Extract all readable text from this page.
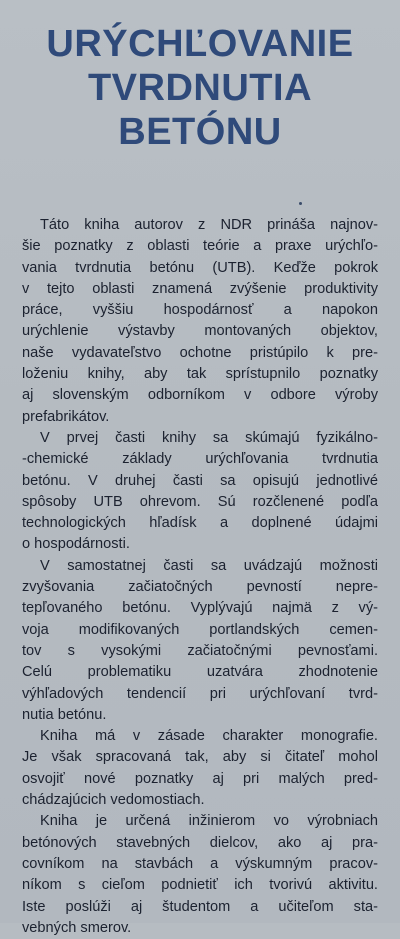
URÝCHĽOVANIE
TVRDNUTIA
BETÓNU

Táto kniha autorov z NDR prináša najnov-
šie poznatky z oblasti teórie a praxe urýchľo-
vania tvrdnutia betónu (UTB). Keďže pokrok
v tejto oblasti znamená zvýšenie produktivity
práce, vyššiu hospodárnosť a napokon
urýchlenie výstavby montovaných objektov,
naše vydavateľstvo ochotne pristúpilo k pre-
loženiu knihy, aby tak sprístupnilo poznatky
aj slovenským odborníkom v odbore výroby
prefabrikátov.

V prvej časti knihy sa skúmajú fyzikálno-
-chemické základy urýchľovania tvrdnutia
betónu. V druhej časti sa opisujú jednotlivé
spôsoby UTB ohrevom. Sú rozčlenené podľa
technologických hľadísk a doplnené údajmi
o hospodárnosti.

V samostatnej časti sa uvádzajú možnosti
zvyšovania začiatočných pevností nepre-
tepľovaného betónu. Vyplývajú najmä z vý-
voja modifikovaných portlandských cemen-
tov s vysokými začiatočnými pevnosťami.
Celú problematiku uzatvára zhodnotenie
výhľadových tendencií pri urýchľovaní tvrd-
nutia betónu.

Kniha má v zásade charakter monografie.
Je však spracovaná tak, aby si čitateľ mohol
osvojiť nové poznatky aj pri malých pred-
chádzajúcich vedomostiach.

Kniha je určená inžinierom vo výrobniach
betónových stavebných dielcov, ako aj pra-
covníkom na stavbách a výskumným pracov-
níkom s cieľom podnietiť ich tvorivú aktivitu.
Iste poslúži aj študentom a učiteľom sta-
vebných smerov.
